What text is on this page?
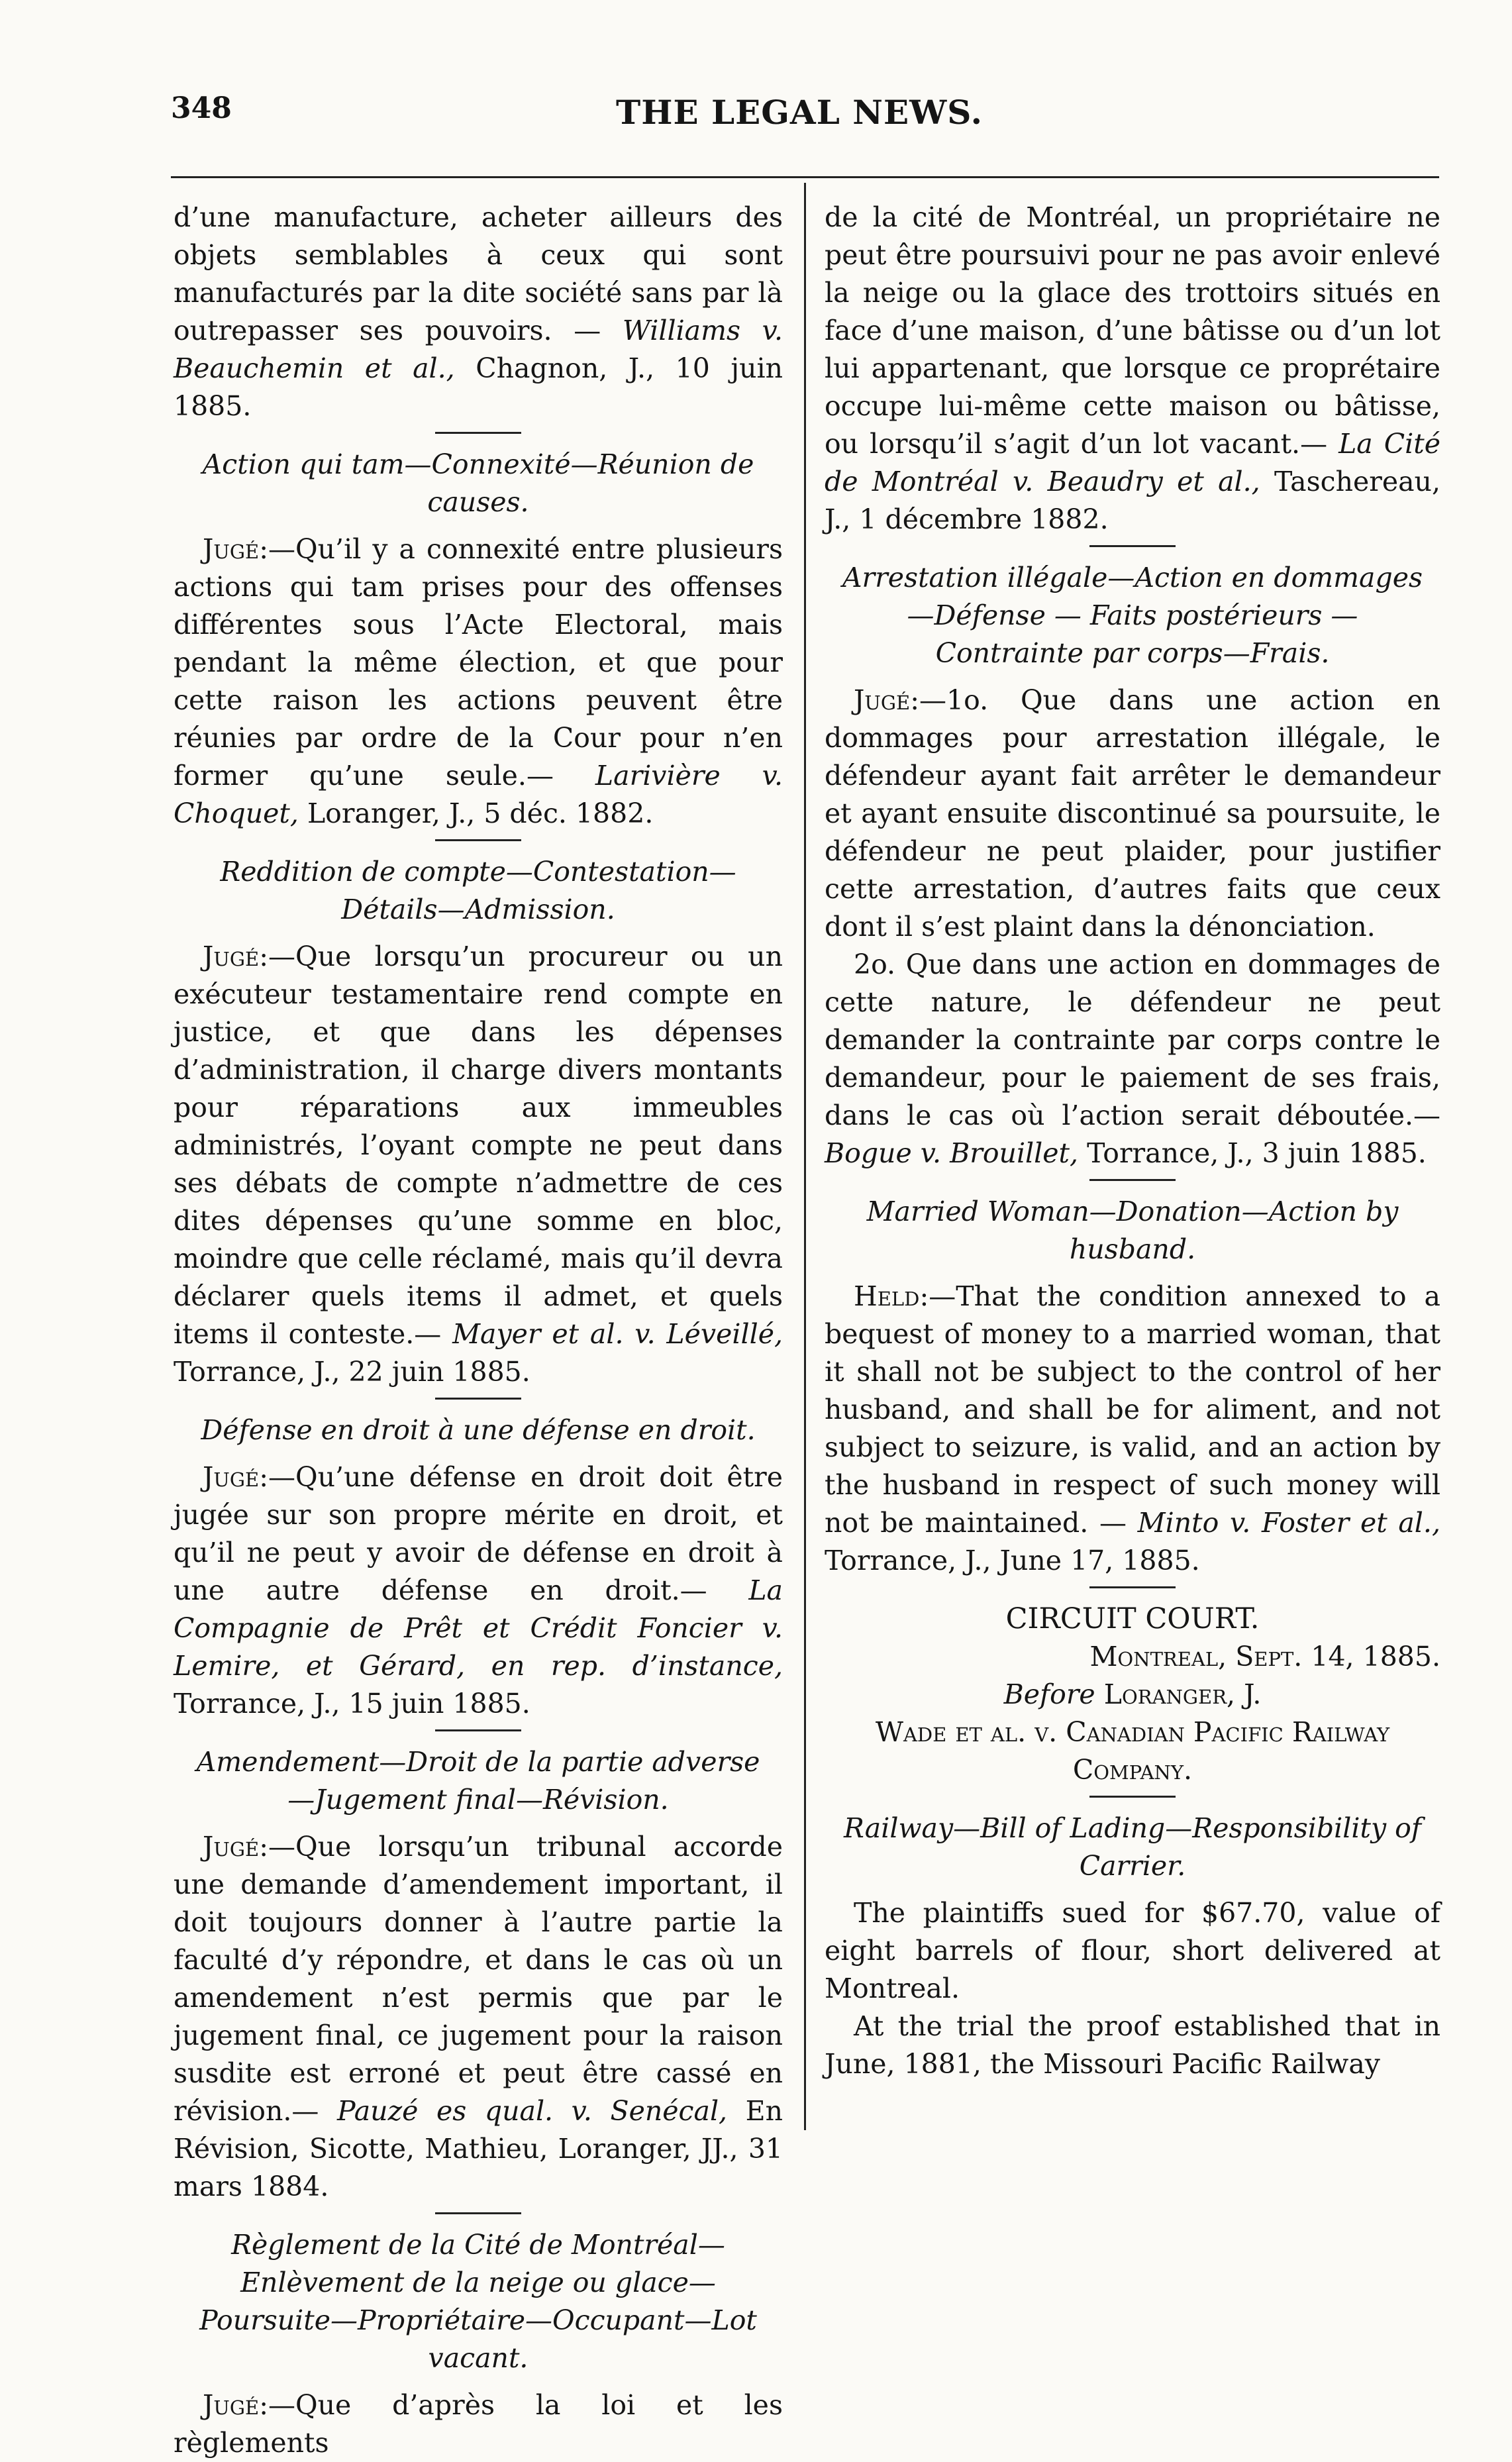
348	THE LEGAL NEWS.

d’une manufacture, acheter ailleurs des objets semblables à ceux qui sont manufacturés par la dite société sans par là outrepasser ses pouvoirs. — Williams v. Beauchemin et al., Chagnon, J., 10 juin 1885.

Action qui tam—Connexité—Réunion de causes.

Jugé:—Qu’il y a connexité entre plusieurs actions qui tam prises pour des offenses différentes sous l’Acte Electoral, mais pendant la même élection, et que pour cette raison les actions peuvent être réunies par ordre de la Cour pour n’en former qu’une seule.— Larivière v. Choquet, Loranger, J., 5 déc. 1882.

Reddition de compte—Contestation—Détails—Admission.

Jugé:—Que lorsqu’un procureur ou un exécuteur testamentaire rend compte en justice, et que dans les dépenses d’administration, il charge divers montants pour réparations aux immeubles administrés, l’oyant compte ne peut dans ses débats de compte n’admettre de ces dites dépenses qu’une somme en bloc, moindre que celle réclamé, mais qu’il devra déclarer quels items il admet, et quels items il conteste.— Mayer et al. v. Léveillé, Torrance, J., 22 juin 1885.

Défense en droit à une défense en droit.

Jugé:—Qu’une défense en droit doit être jugée sur son propre mérite en droit, et qu’il ne peut y avoir de défense en droit à une autre défense en droit.— La Compagnie de Prêt et Crédit Foncier v. Lemire, et Gérard, en rep. d’instance, Torrance, J., 15 juin 1885.

Amendement—Droit de la partie adverse—Jugement final—Révision.

Jugé:—Que lorsqu’un tribunal accorde une demande d’amendement important, il doit toujours donner à l’autre partie la faculté d’y répondre, et dans le cas où un amendement n’est permis que par le jugement final, ce jugement pour la raison susdite est erroné et peut être cassé en révision.— Pauzé es qual. v. Senécal, En Révision, Sicotte, Mathieu, Loranger, JJ., 31 mars 1884.

Règlement de la Cité de Montréal—Enlèvement de la neige ou glace—Poursuite—Propriétaire—Occupant—Lot vacant.

Jugé:—Que d’après la loi et les règlements

de la cité de Montréal, un propriétaire ne peut être poursuivi pour ne pas avoir enlevé la neige ou la glace des trottoirs situés en face d’une maison, d’une bâtisse ou d’un lot lui appartenant, que lorsque ce proprétaire occupe lui-même cette maison ou bâtisse, ou lorsqu’il s’agit d’un lot vacant.— La Cité de Montréal v. Beaudry et al., Taschereau, J., 1 décembre 1882.

Arrestation illégale—Action en dommages—Défense — Faits postérieurs — Contrainte par corps—Frais.

Jugé:—1o. Que dans une action en dommages pour arrestation illégale, le défendeur ayant fait arrêter le demandeur et ayant ensuite discontinué sa poursuite, le défendeur ne peut plaider, pour justifier cette arrestation, d’autres faits que ceux dont il s’est plaint dans la dénonciation.

2o. Que dans une action en dommages de cette nature, le défendeur ne peut demander la contrainte par corps contre le demandeur, pour le paiement de ses frais, dans le cas où l’action serait déboutée.— Bogue v. Brouillet, Torrance, J., 3 juin 1885.

Married Woman—Donation—Action by husband.

Held:—That the condition annexed to a bequest of money to a married woman, that it shall not be subject to the control of her husband, and shall be for aliment, and not subject to seizure, is valid, and an action by the husband in respect of such money will not be maintained. — Minto v. Foster et al., Torrance, J., June 17, 1885.

CIRCUIT COURT.

Montreal, Sept. 14, 1885.

Before Loranger, J.

Wade et al. v. Canadian Pacific Railway Company.

Railway—Bill of Lading—Responsibility of Carrier.

The plaintiffs sued for $67.70, value of eight barrels of flour, short delivered at Montreal.

At the trial the proof established that in June, 1881, the Missouri Pacific Railway
